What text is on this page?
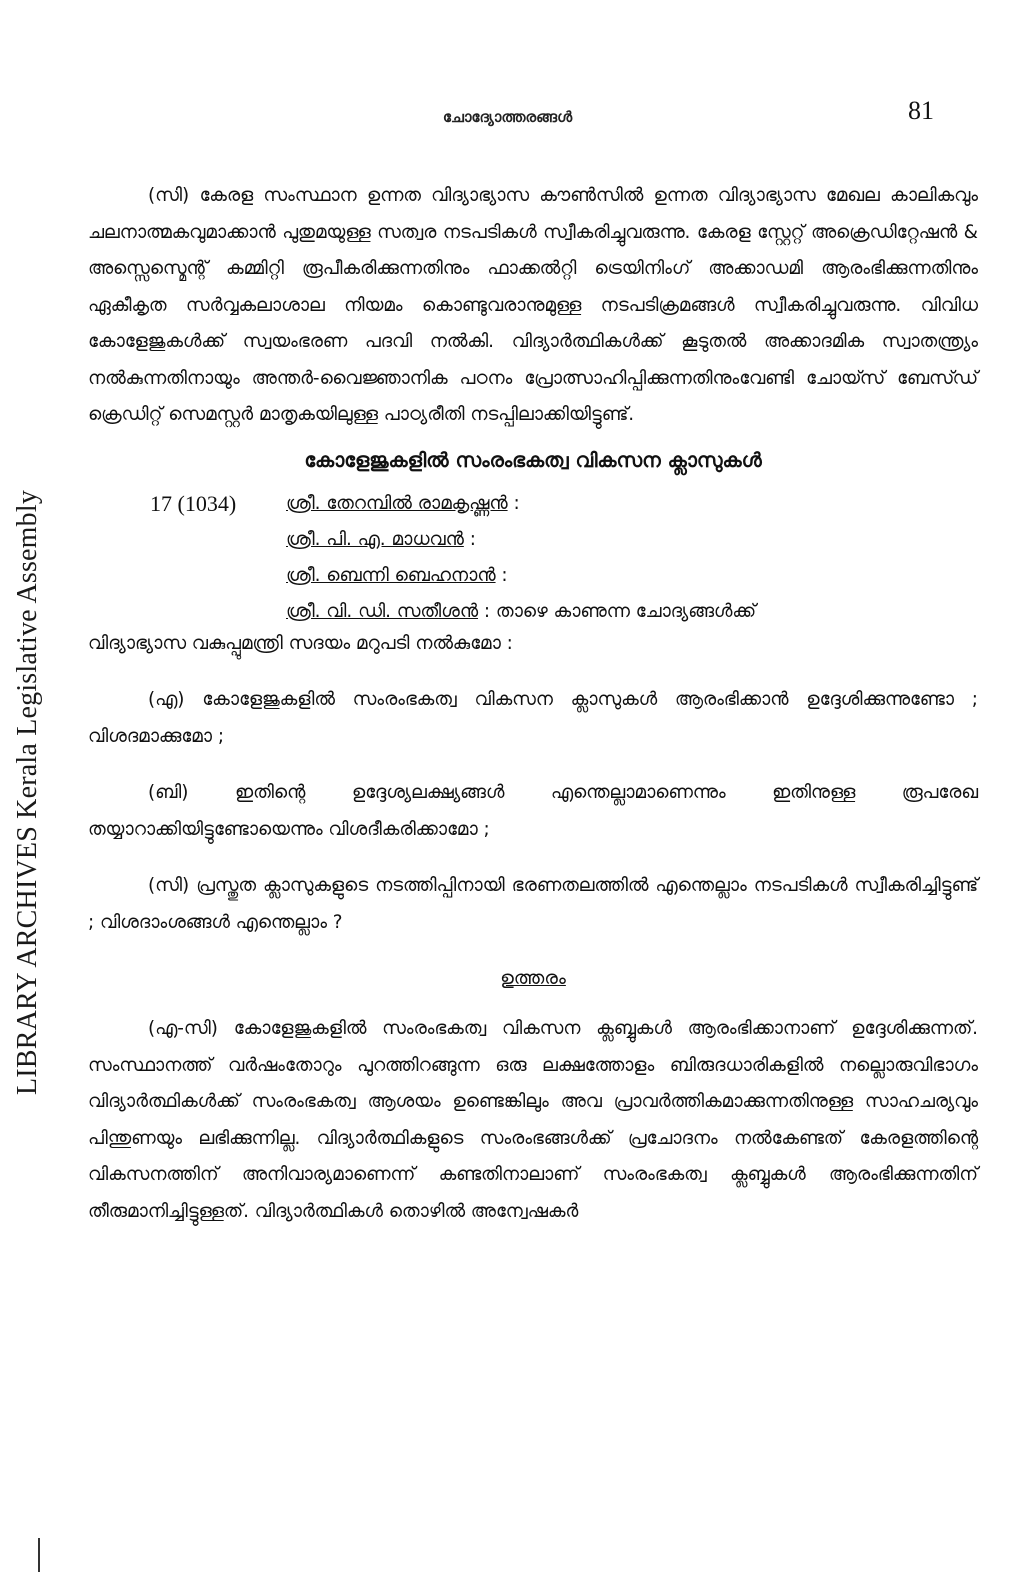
LIBRARY ARCHIVES Kerala Legislative Assembly
ചോദ്യോത്തരങ്ങൾ	81

(സി) കേരള സംസ്ഥാന ഉന്നത വിദ്യാഭ്യാസ കൗൺസിൽ ഉന്നത വിദ്യാഭ്യാസ മേഖല കാലികവും ചലനാത്മകവുമാക്കാൻ പുതുമയുള്ള സത്വര നടപടികൾ സ്വീകരിച്ചുവരുന്നു. കേരള സ്റ്റേറ്റ് അക്രെഡിറ്റേഷൻ & അസ്സെസ്മെന്റ് കമ്മിറ്റി രൂപീകരിക്കുന്നതിനും ഫാക്കൽറ്റി ട്രെയിനിംഗ് അക്കാഡമി ആരംഭിക്കുന്നതിനും ഏകീകൃത സർവ്വകലാശാല നിയമം കൊണ്ടുവരാനുമുള്ള നടപടിക്രമങ്ങൾ സ്വീകരിച്ചുവരുന്നു. വിവിധ കോളേജുകൾക്ക് സ്വയംഭരണ പദവി നൽകി. വിദ്യാർത്ഥികൾക്ക് കൂടുതൽ അക്കാദമിക സ്വാതന്ത്ര്യം നൽകുന്നതിനായും അന്തർ-വൈജ്ഞാനിക പഠനം പ്രോത്സാഹിപ്പിക്കുന്നതിനുംവേണ്ടി ചോയ്സ് ബേസ്ഡ് ക്രെഡിറ്റ് സെമസ്റ്റർ മാതൃകയിലുള്ള പാഠ്യരീതി നടപ്പിലാക്കിയിട്ടുണ്ട്.

കോളേജുകളിൽ സംരംഭകത്വ വികസന ക്ലാസുകൾ
17 (1034)	ശ്രീ. തേറമ്പിൽ രാമകൃഷ്ണൻ :
ശ്രീ. പി. എ. മാധവൻ :
ശ്രീ. ബെന്നി ബെഹനാൻ :
ശ്രീ. വി. ഡി. സതീശൻ : താഴെ കാണുന്ന ചോദ്യങ്ങൾക്ക്

വിദ്യാഭ്യാസ വകുപ്പുമന്ത്രി സദയം മറുപടി നൽകുമോ :

(എ) കോളേജുകളിൽ സംരംഭകത്വ വികസന ക്ലാസുകൾ ആരംഭിക്കാൻ ഉദ്ദേശിക്കുന്നുണ്ടോ ; വിശദമാക്കുമോ ;

(ബി) ഇതിന്റെ ഉദ്ദേശ്യലക്ഷ്യങ്ങൾ എന്തെല്ലാമാണെന്നും ഇതിനുള്ള രൂപരേഖ തയ്യാറാക്കിയിട്ടുണ്ടോയെന്നും വിശദീകരിക്കാമോ ;

(സി) പ്രസ്തുത ക്ലാസുകളുടെ നടത്തിപ്പിനായി ഭരണതലത്തിൽ എന്തെല്ലാം നടപടികൾ സ്വീകരിച്ചിട്ടുണ്ട് ; വിശദാംശങ്ങൾ എന്തെല്ലാം ?

ഉത്തരം

(എ-സി) കോളേജുകളിൽ സംരംഭകത്വ വികസന ക്ലബ്ബുകൾ ആരംഭിക്കാനാണ് ഉദ്ദേശിക്കുന്നത്. സംസ്ഥാനത്ത് വർഷംതോറും പുറത്തിറങ്ങുന്ന ഒരു ലക്ഷത്തോളം ബിരുദധാരികളിൽ നല്ലൊരുവിഭാഗം വിദ്യാർത്ഥികൾക്ക് സംരംഭകത്വ ആശയം ഉണ്ടെങ്കിലും അവ പ്രാവർത്തികമാക്കുന്നതിനുള്ള സാഹചര്യവും പിന്തുണയും ലഭിക്കുന്നില്ല. വിദ്യാർത്ഥികളുടെ സംരംഭങ്ങൾക്ക് പ്രചോദനം നൽകേണ്ടത് കേരളത്തിന്റെ വികസനത്തിന് അനിവാര്യമാണെന്ന് കണ്ടതിനാലാണ് സംരംഭകത്വ ക്ലബ്ബുകൾ ആരംഭിക്കുന്നതിന് തീരുമാനിച്ചിട്ടുള്ളത്. വിദ്യാർത്ഥികൾ തൊഴിൽ അന്വേഷകർ
